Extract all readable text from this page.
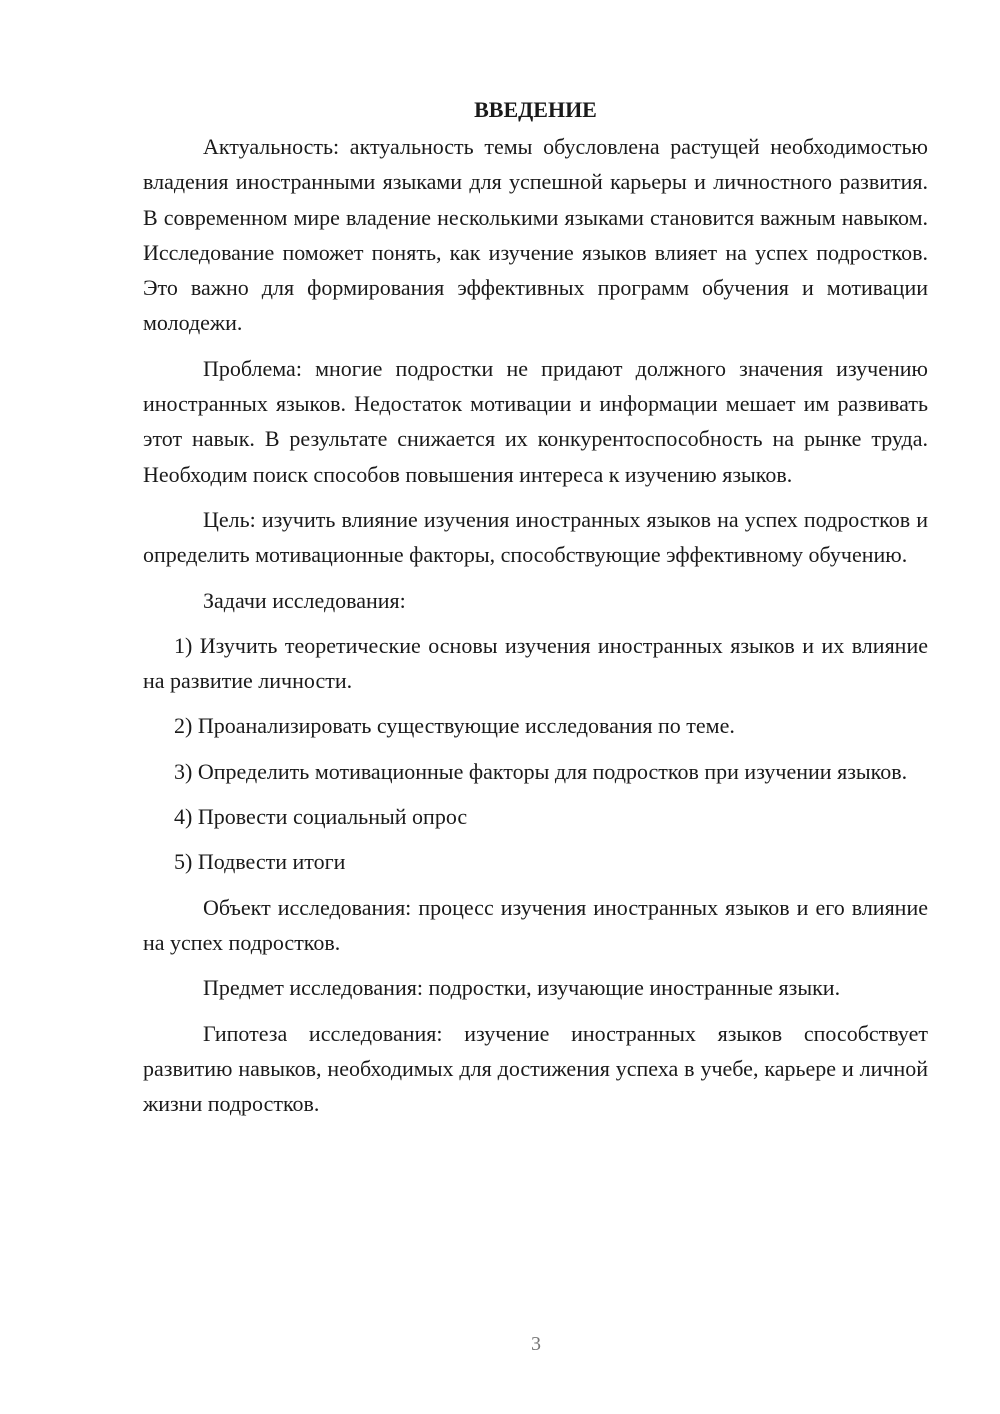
ВВЕДЕНИЕ

Актуальность: актуальность темы обусловлена растущей необходимостью владения иностранными языками для успешной карьеры и личностного развития. В современном мире владение несколькими языками становится важным навыком. Исследование поможет понять, как изучение языков влияет на успех подростков. Это важно для формирования эффективных программ обучения и мотивации молодежи.

Проблема: многие подростки не придают должного значения изучению иностранных языков. Недостаток мотивации и информации мешает им развивать этот навык. В результате снижается их конкурентоспособность на рынке труда. Необходим поиск способов повышения интереса к изучению языков.

Цель: изучить влияние изучения иностранных языков на успех подростков и определить мотивационные факторы, способствующие эффективному обучению.

Задачи исследования:

1) Изучить теоретические основы изучения иностранных языков и их влияние на развитие личности.

2) Проанализировать существующие исследования по теме.

3) Определить мотивационные факторы для подростков при изучении языков.

4) Провести социальный опрос

5) Подвести итоги

Объект исследования: процесс изучения иностранных языков и его влияние на успех подростков.

Предмет исследования: подростки, изучающие иностранные языки.

Гипотеза исследования: изучение иностранных языков способствует развитию навыков, необходимых для достижения успеха в учебе, карьере и личной жизни подростков.

3
